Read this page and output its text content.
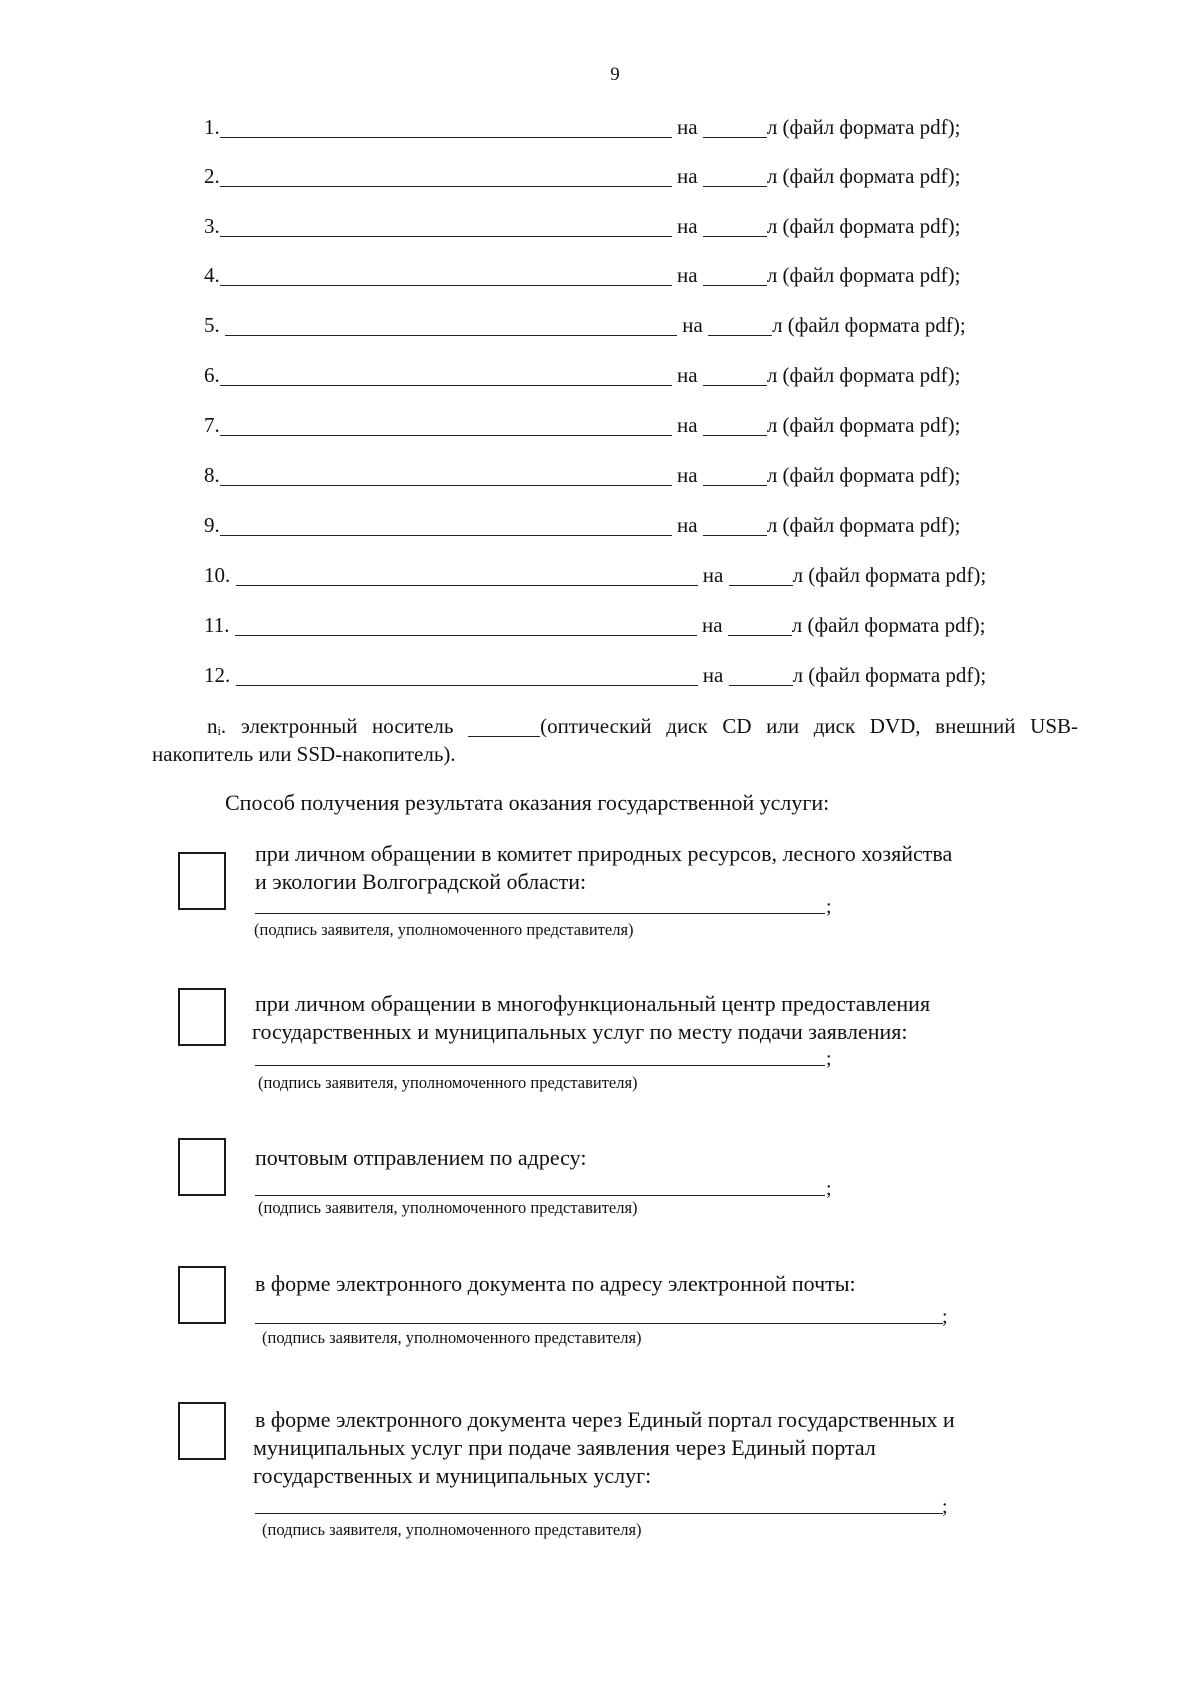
9
1.	на	л (файл формата pdf);
2.	на	л (файл формата pdf);
3.	на	л (файл формата pdf);
4.	на	л (файл формата pdf);
5.	на	л (файл формата pdf);
6.	на	л (файл формата pdf);
7.	на	л (файл формата pdf);
8.	на	л (файл формата pdf);
9.	на	л (файл формата pdf);
10.	на	л (файл формата pdf);
11.	на	л (файл формата pdf);
12.	на	л (файл формата pdf);
nᵢ. электронный носитель	(оптический диск CD или диск DVD, внешний USB-
накопитель или SSD-накопитель).
Способ получения результата оказания государственной услуги:
при личном обращении в комитет природных ресурсов, лесного хозяйства
и экологии Волгоградской области:
;
(подпись заявителя, уполномоченного представителя)
при личном обращении в многофункциональный центр предоставления
государственных и муниципальных услуг по месту подачи заявления:
;
(подпись заявителя, уполномоченного представителя)
почтовым отправлением по адресу:
;
(подпись заявителя, уполномоченного представителя)
в форме электронного документа по адресу электронной почты:
;
(подпись заявителя, уполномоченного представителя)
в форме электронного документа через Единый портал государственных и
муниципальных услуг при подаче заявления через Единый портал
государственных и муниципальных услуг:
;
(подпись заявителя, уполномоченного представителя)
